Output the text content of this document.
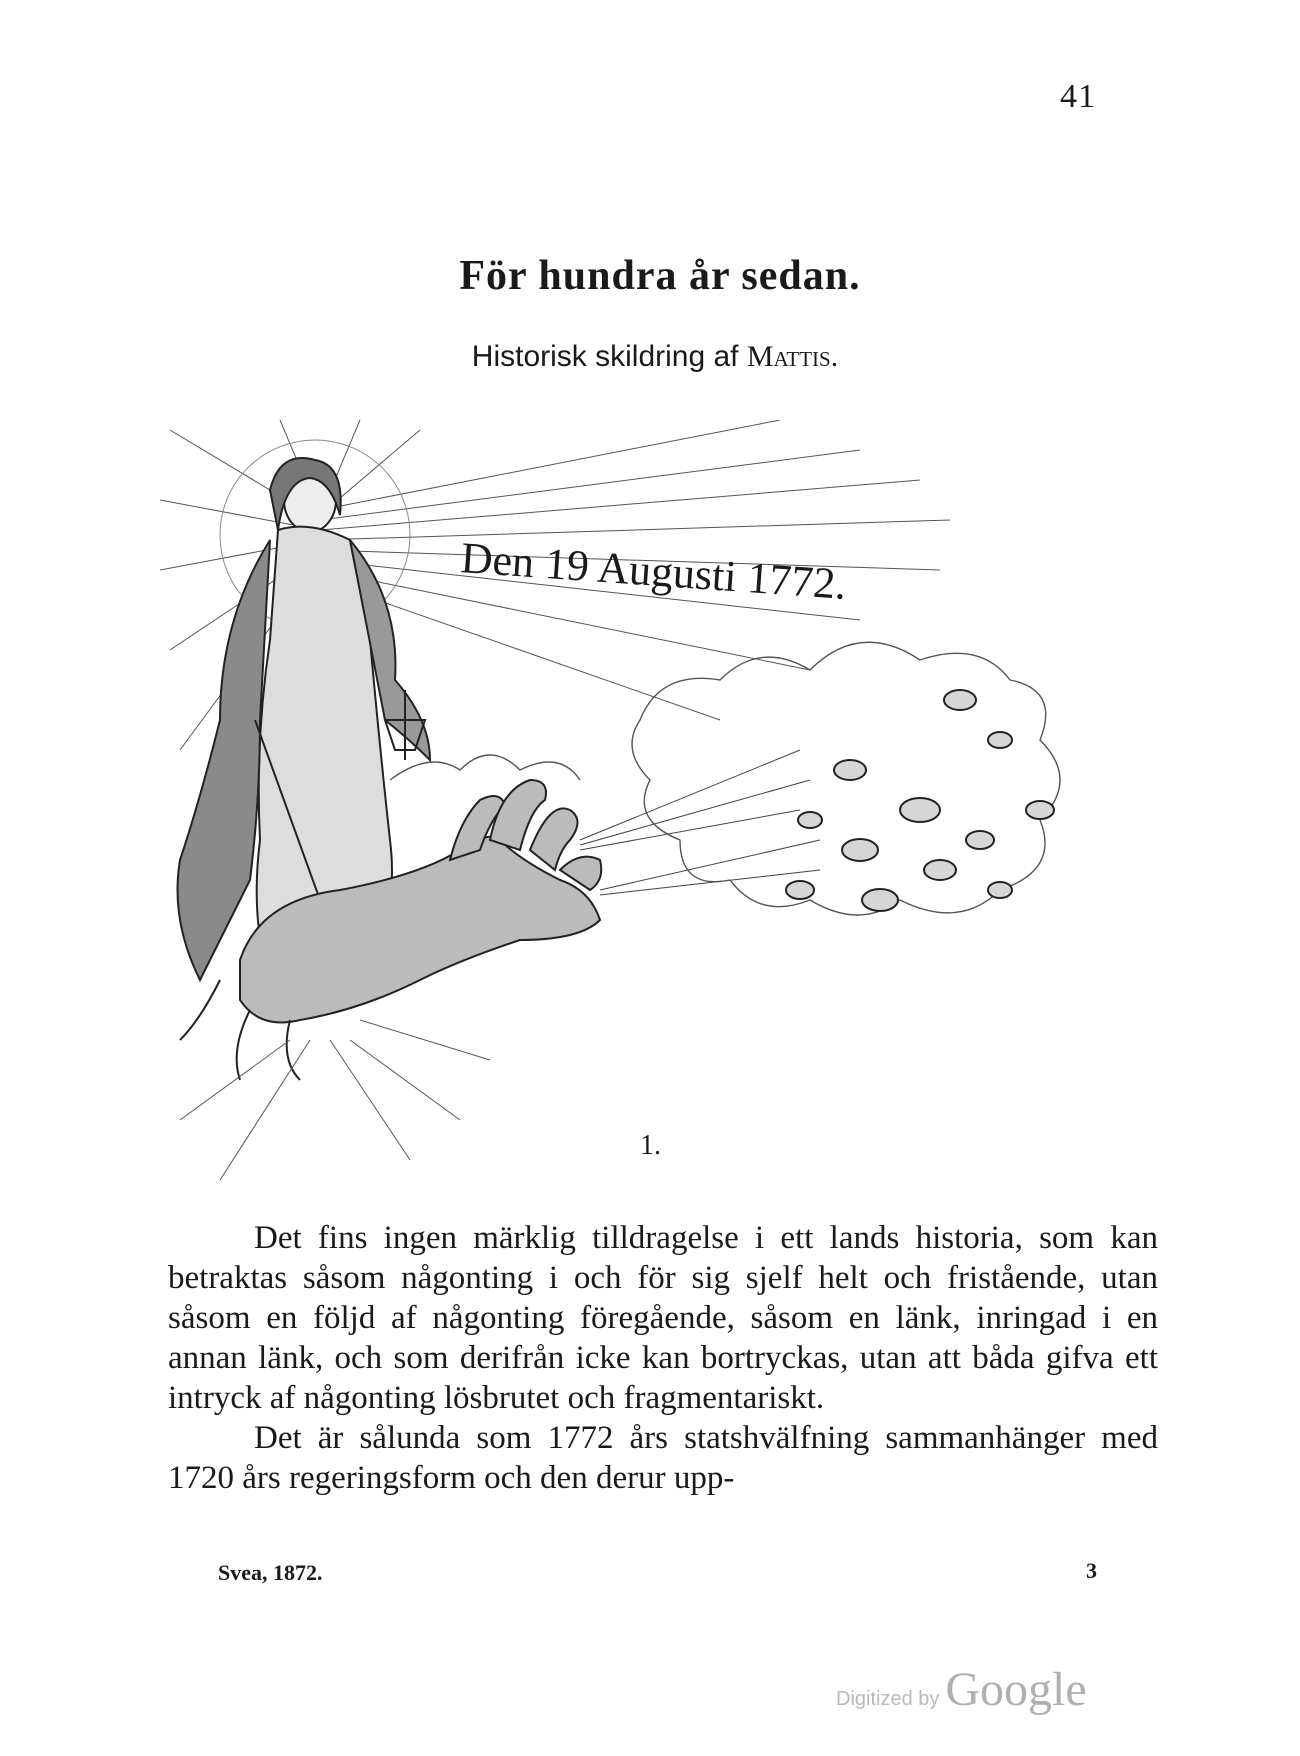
41
För hundra år sedan.
Historisk skildring af Mattis.
Den 19 Augusti 1772.
1.

Det fins ingen märklig tilldragelse i ett lands historia, som kan betraktas såsom någonting i och för sig sjelf helt och fristående, utan såsom en följd af någonting föregående, såsom en länk, inringad i en annan länk, och som derifrån icke kan bortryckas, utan att båda gifva ett intryck af någonting lösbrutet och fragmentariskt.

Det är sålunda som 1772 års statshvälfning sammanhänger med 1720 års regeringsform och den derur upp-

Svea, 1872.	3
Digitized by Google
